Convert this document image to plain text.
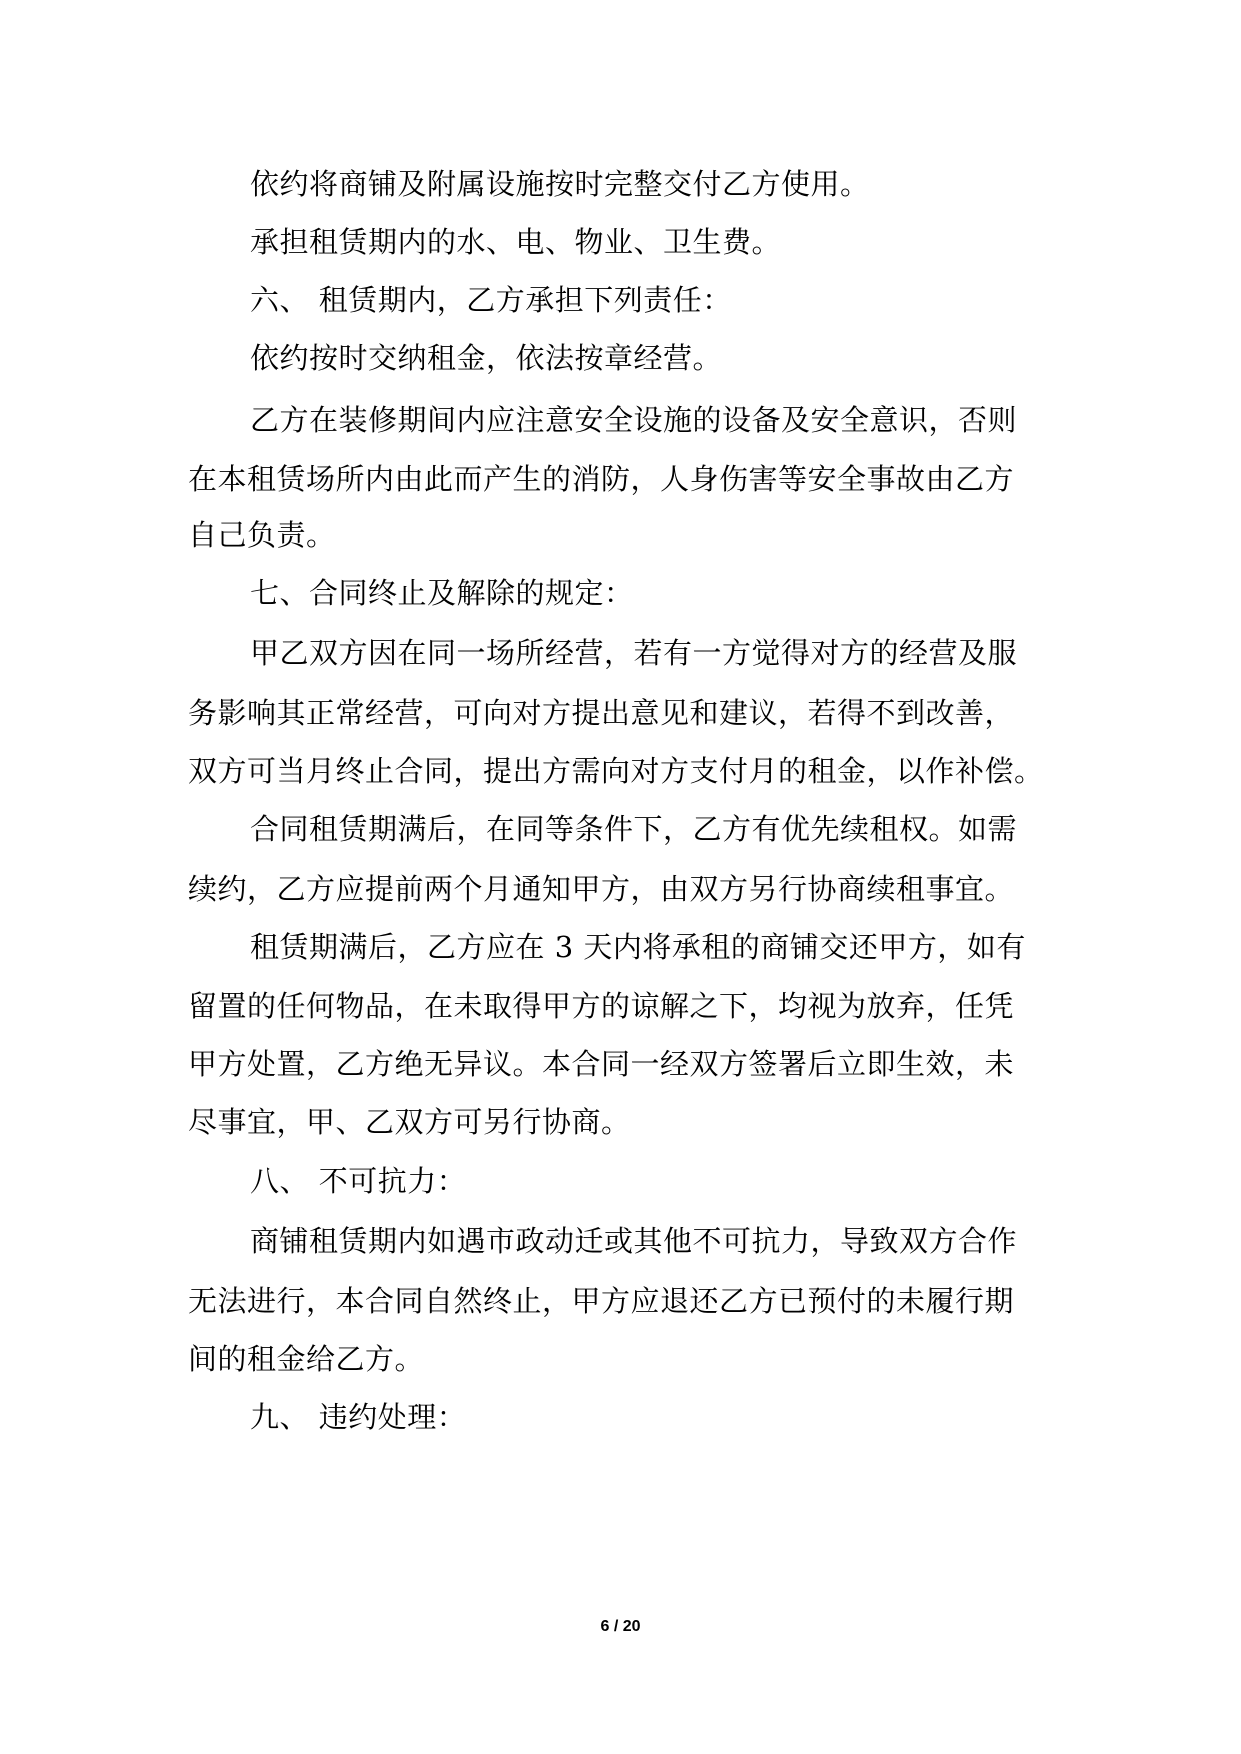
依约将商铺及附属设施按时完整交付乙方使用。
承担租赁期内的水、电、物业、卫生费。
六、 租赁期内，乙方承担下列责任：
依约按时交纳租金，依法按章经营。
乙方在装修期间内应注意安全设施的设备及安全意识，否则
在本租赁场所内由此而产生的消防，人身伤害等安全事故由乙方
自己负责。
七、合同终止及解除的规定：
甲乙双方因在同一场所经营，若有一方觉得对方的经营及服
务影响其正常经营，可向对方提出意见和建议，若得不到改善，
双方可当月终止合同，提出方需向对方支付月的租金，以作补偿。
合同租赁期满后，在同等条件下，乙方有优先续租权。如需
续约，乙方应提前两个月通知甲方，由双方另行协商续租事宜。
租赁期满后，乙方应在 3 天内将承租的商铺交还甲方，如有
留置的任何物品，在未取得甲方的谅解之下，均视为放弃，任凭
甲方处置，乙方绝无异议。本合同一经双方签署后立即生效，未
尽事宜，甲、乙双方可另行协商。
八、 不可抗力：
商铺租赁期内如遇市政动迁或其他不可抗力，导致双方合作
无法进行，本合同自然终止，甲方应退还乙方已预付的未履行期
间的租金给乙方。
九、 违约处理：
6 / 20
